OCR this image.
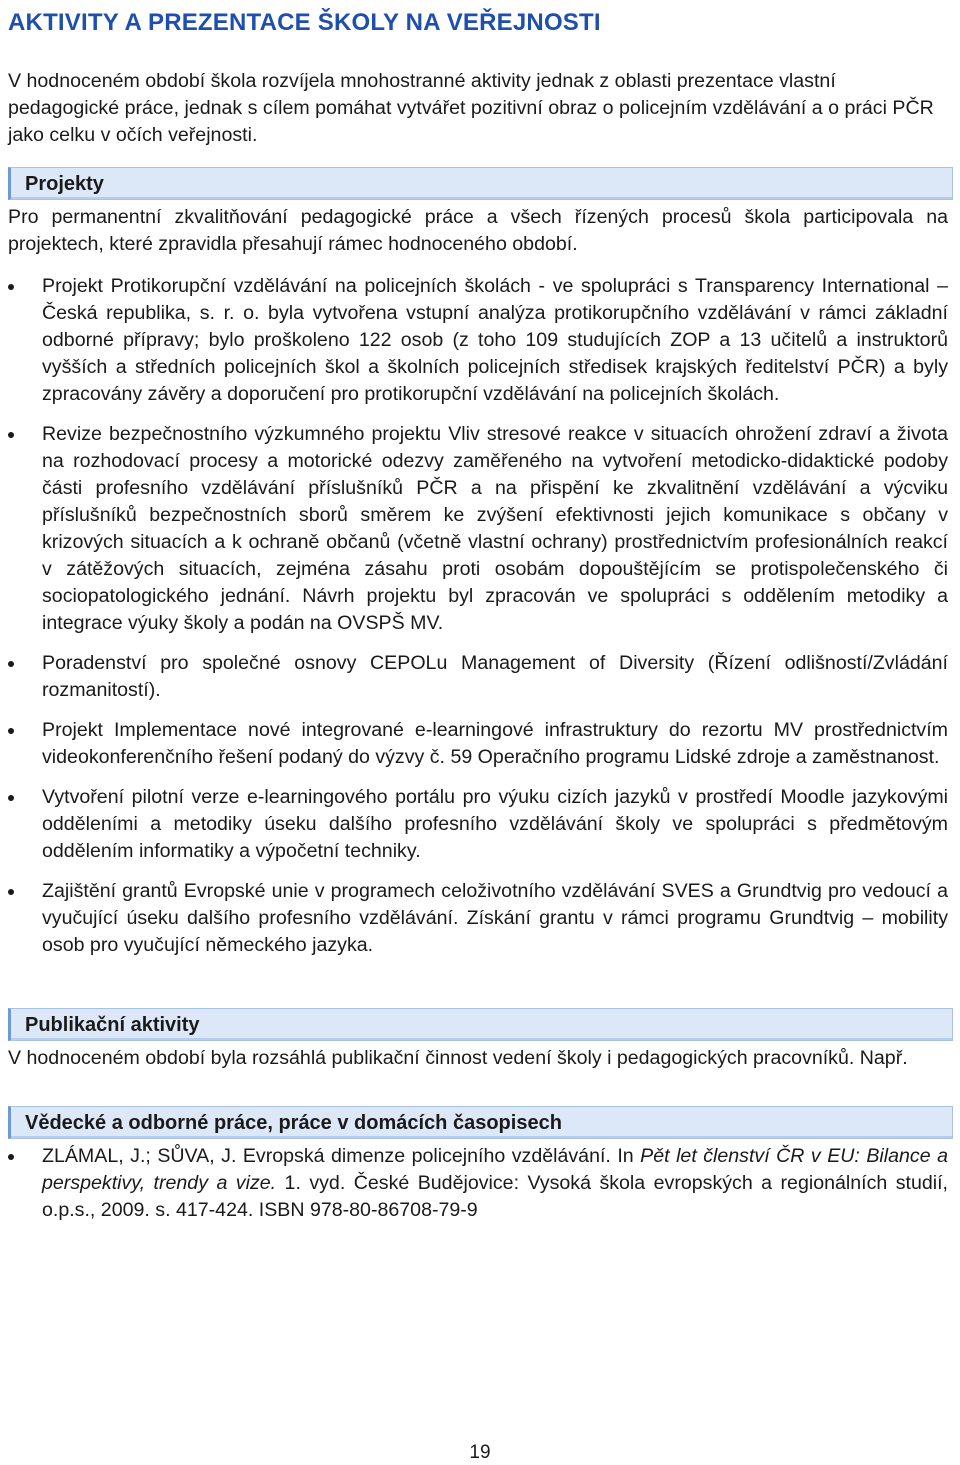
AKTIVITY A PREZENTACE ŠKOLY NA VEŘEJNOSTI

V hodnoceném období škola rozvíjela mnohostranné aktivity jednak z oblasti prezentace vlastní pedagogické práce, jednak s cílem pomáhat vytvářet pozitivní obraz o policejním vzdělávání a o práci PČR jako celku v očích veřejnosti.

Projekty

Pro permanentní zkvalitňování pedagogické práce a všech řízených procesů škola participovala na projektech, které zpravidla přesahují rámec hodnoceného období.

Projekt Protikorupční vzdělávání na policejních školách - ve spolupráci s Transparency International – Česká republika, s. r. o. byla vytvořena vstupní analýza protikorupčního vzdělávání v rámci základní odborné přípravy; bylo proškoleno 122 osob (z toho 109 studujících ZOP a 13 učitelů a instruktorů vyšších a středních policejních škol a školních policejních středisek krajských ředitelství PČR) a byly zpracovány závěry a doporučení pro protikorupční vzdělávání na policejních školách.
Revize bezpečnostního výzkumného projektu Vliv stresové reakce v situacích ohrožení zdraví a života na rozhodovací procesy a motorické odezvy zaměřeného na vytvoření metodicko-didaktické podoby části profesního vzdělávání příslušníků PČR a na přispění ke zkvalitnění vzdělávání a výcviku příslušníků bezpečnostních sborů směrem ke zvýšení efektivnosti jejich komunikace s občany v krizových situacích a k ochraně občanů (včetně vlastní ochrany) prostřednictvím profesionálních reakcí v zátěžových situacích, zejména zásahu proti osobám dopouštějícím se protispolečenského či sociopatologického jednání. Návrh projektu byl zpracován ve spolupráci s oddělením metodiky a integrace výuky školy a podán na OVSPŠ MV.
Poradenství pro společné osnovy CEPOLu Management of Diversity (Řízení odlišností/Zvládání rozmanitostí).
Projekt Implementace nové integrované e-learningové infrastruktury do rezortu MV prostřednictvím videokonferenčního řešení podaný do výzvy č. 59 Operačního programu Lidské zdroje a zaměstnanost.
Vytvoření pilotní verze e-learningového portálu pro výuku cizích jazyků v prostředí Moodle jazykovými odděleními a metodiky úseku dalšího profesního vzdělávání školy ve spolupráci s předmětovým oddělením informatiky a výpočetní techniky.
Zajištění grantů Evropské unie v programech celoživotního vzdělávání SVES a Grundtvig pro vedoucí a vyučující úseku dalšího profesního vzdělávání. Získání grantu v rámci programu Grundtvig – mobility osob pro vyučující německého jazyka.
Publikační aktivity

V hodnoceném období byla rozsáhlá publikační činnost vedení školy i pedagogických pracovníků. Např.

Vědecké a odborné práce, práce v domácích časopisech
ZLÁMAL, J.; SŮVA, J. Evropská dimenze policejního vzdělávání. In Pět let členství ČR v EU: Bilance a perspektivy, trendy a vize. 1. vyd. České Budějovice: Vysoká škola evropských a regionálních studií, o.p.s., 2009. s. 417-424. ISBN 978-80-86708-79-9
19
